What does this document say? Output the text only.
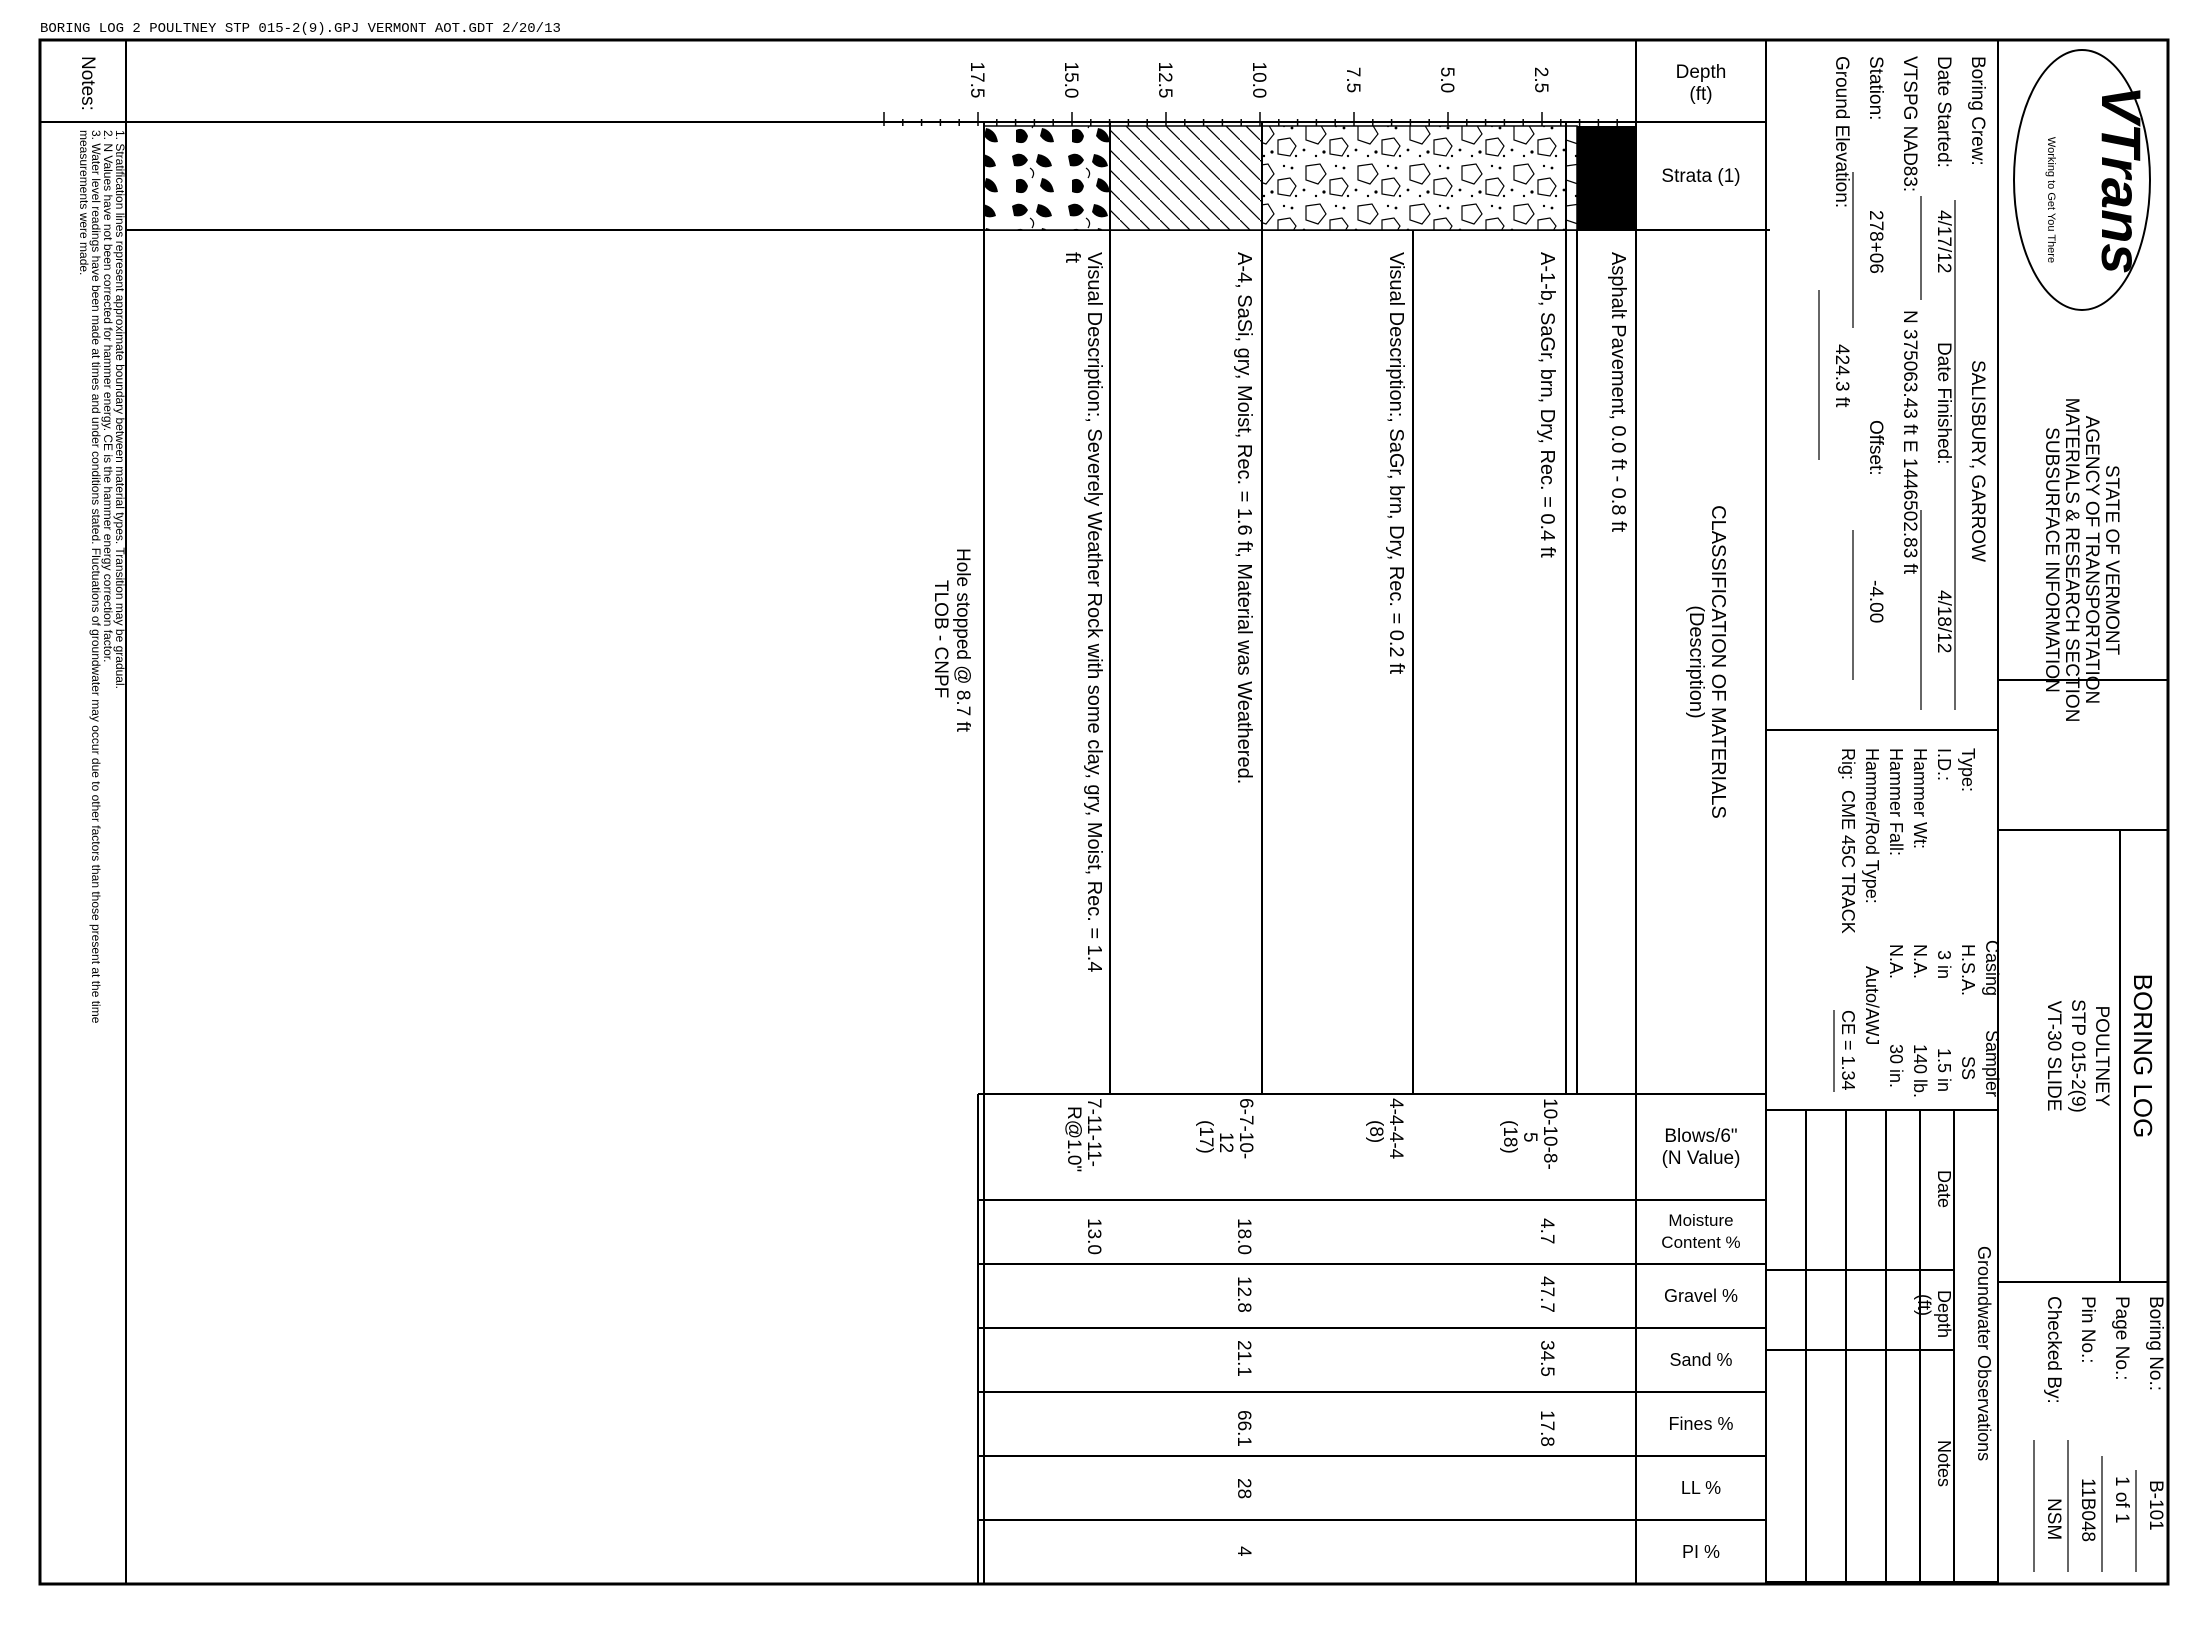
BORING LOG 2 POULTNEY STP 015-2(9).GPJ VERMONT AOT.GDT 2/20/13
Notes:
1. Stratification lines represent approximate boundary between material types. Transition may be gradual.
2. N Values have not been corrected for hammer energy. CE is the hammer energy correction factor.
3. Water level readings have been made at times and under conditions stated. Fluctuations of groundwater may occur due to other factors than those present at the time
measurements were made.
2.5
5.0
7.5
10.0
12.5
15.0
17.5	Depth
(ft)
Strata (1)
CLASSIFICATION OF MATERIALS
(Description)
Blows/6"
(N Value)
Moisture
Content %
Gravel %
Sand %
Fines %
LL %
PI %
Asphalt Pavement, 0.0 ft - 0.8 ft
A-1-b, SaGr, brn, Dry, Rec. = 0.4 ft
Visual Description:, SaGr, brn, Dry, Rec. = 0.2 ft
A-4, SaSi, gry, Moist, Rec. = 1.6 ft, Material was Weathered.
Visual Description:, Severely Weather Rock with some clay, gry, Moist, Rec. = 1.4
ft
Hole stopped @ 8.7 ft
TLOB - CNPF
10-10-8-
5
(18)
4-4-4-4
(8)
6-7-10-
12
(17)
7-11-11-
R@1.0"
4.7
47.7
34.5
17.8
18.0
12.8
21.1
66.1
28
4
13.0
Boring Crew:
SALISBURY, GARROW
Date Started:
4/17/12
Date Finished:
4/18/12
VTSPG NAD83:
N 375063.43 ft E 1446502.83 ft
Station:
278+06
Offset:
-4.00
Ground Elevation:
424.3 ft
Casing
Sampler
Type:
H.S.A.
SS
I.D.:
3 in
1.5 in
Hammer Wt:
N.A.
140 lb.
Hammer Fall:
N.A.
30 in.
Hammer/Rod Type:
Auto/AWJ
Rig:
CME 45C TRACK
CE = 1.34
Groundwater Observations
Date
Depth
(ft)
Notes
VTrans
Working to Get You There
STATE OF VERMONT
AGENCY OF TRANSPORTATION
MATERIALS & RESEARCH SECTION
SUBSURFACE INFORMATION
BORING LOG
POULTNEY
STP 015-2(9)
VT-30 SLIDE
Boring No.:
B-101
Page No.:
1 of 1
Pin No.:
11B048
Checked By:
NSM
